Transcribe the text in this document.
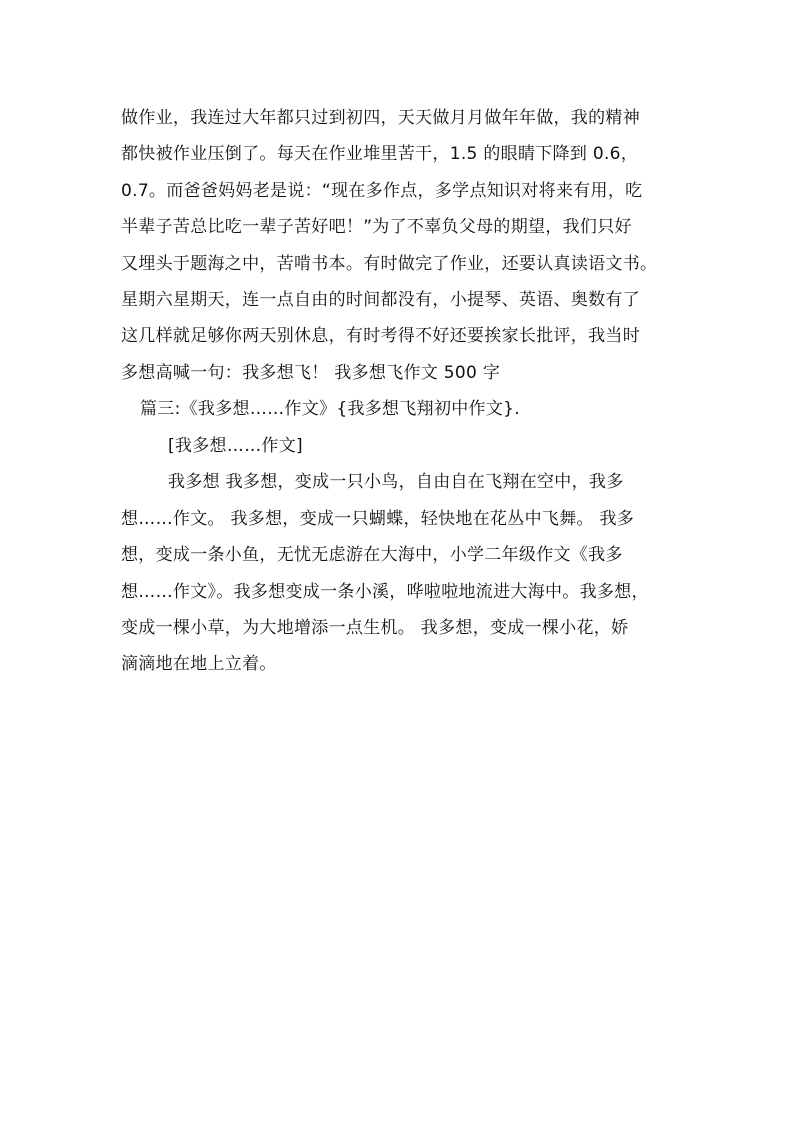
做作业，我连过大年都只过到初四，天天做月月做年年做，我的精神
都快被作业压倒了。每天在作业堆里苦干，1.5 的眼睛下降到 0.6，
0.7。而爸爸妈妈老是说：“现在多作点，多学点知识对将来有用，吃
半辈子苦总比吃一辈子苦好吧！”为了不辜负父母的期望，我们只好
又埋头于题海之中，苦啃书本。有时做完了作业，还要认真读语文书。
星期六星期天，连一点自由的时间都没有，小提琴、英语、奥数有了
这几样就足够你两天别休息，有时考得不好还要挨家长批评，我当时
多想高喊一句：我多想飞！ 我多想飞作文 500 字
篇三:《我多想……作文》{我多想飞翔初中作文}.
[我多想……作文]
我多想 我多想，变成一只小鸟，自由自在飞翔在空中，我多
想……作文。 我多想，变成一只蝴蝶，轻快地在花丛中飞舞。 我多
想，变成一条小鱼，无忧无虑游在大海中，小学二年级作文《我多
想……作文》。我多想变成一条小溪，哗啦啦地流进大海中。我多想，
变成一棵小草，为大地增添一点生机。 我多想，变成一棵小花，娇
滴滴地在地上立着。
